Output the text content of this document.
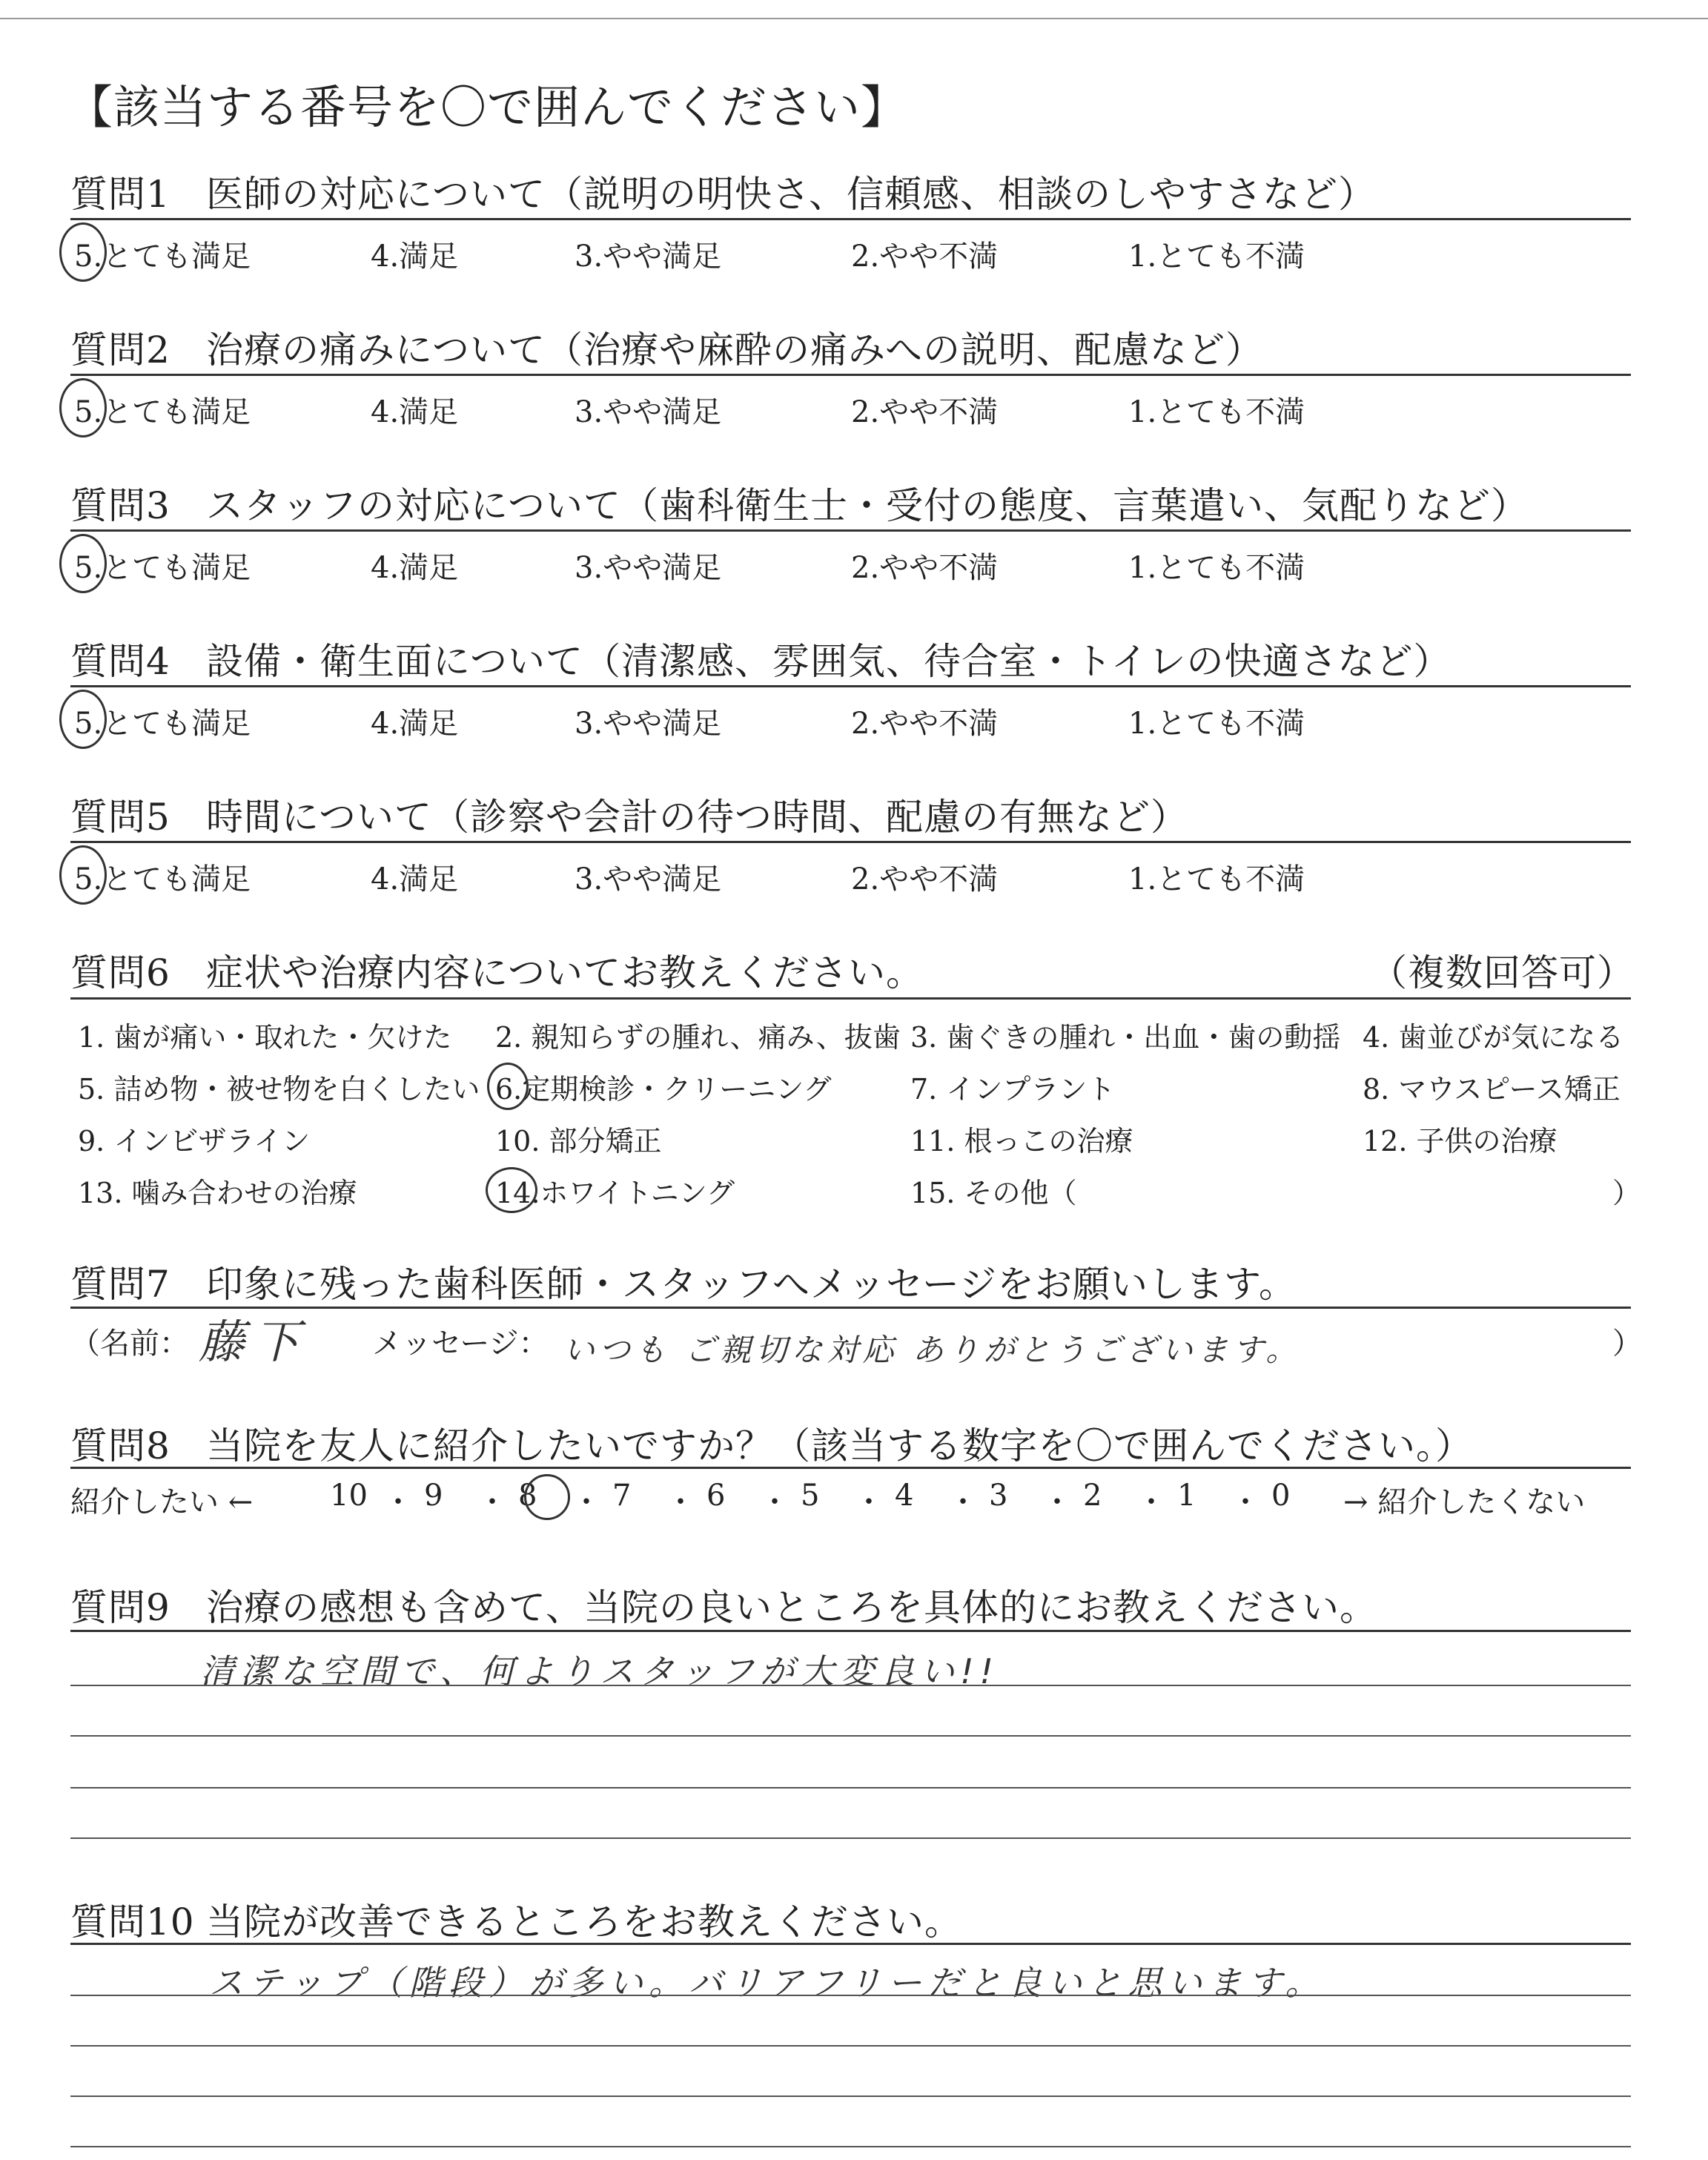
【該当する番号を〇で囲んでください】
質問1 医師の対応について（説明の明快さ、信頼感、相談のしやすさなど）
5.とても満足	4.満足	3.やや満足	2.やや不満	1.とても不満
質問2 治療の痛みについて（治療や麻酔の痛みへの説明、配慮など）
5.とても満足	4.満足	3.やや満足	2.やや不満	1.とても不満
質問3 スタッフの対応について（歯科衛生士・受付の態度、言葉遣い、気配りなど）
5.とても満足	4.満足	3.やや満足	2.やや不満	1.とても不満
質問4 設備・衛生面について（清潔感、雰囲気、待合室・トイレの快適さなど）
5.とても満足	4.満足	3.やや満足	2.やや不満	1.とても不満
質問5 時間について（診察や会計の待つ時間、配慮の有無など）
5.とても満足	4.満足	3.やや満足	2.やや不満	1.とても不満
質問6 症状や治療内容についてお教えください。	（複数回答可）
1. 歯が痛い・取れた・欠けた 2. 親知らずの腫れ、痛み、抜歯 3. 歯ぐきの腫れ・出血・歯の動揺 4. 歯並びが気になる
5. 詰め物・被せ物を白くしたい 6.定期検診・クリーニング	7. インプラント	8. マウスピース矯正
9. インビザライン	10. 部分矯正	11. 根っこの治療	12. 子供の治療
13. 噛み合わせの治療	14.ホワイトニング	15. その他（	）
質問7 印象に残った歯科医師・スタッフへメッセージをお願いします。
（名前： 藤下 メッセージ： いつも ご親切な対応 ありがとうございます。	）
質問8 当院を友人に紹介したいですか？（該当する数字を〇で囲んでください。）
紹介したい ←	→ 紹介したくない
10 ・ 9 ・ 8 ・ 7 ・ 6 ・ 5 ・ 4 ・ 3 ・ 2 ・ 1 ・ 0
質問9 治療の感想も含めて、当院の良いところを具体的にお教えください。
清潔な空間で、何よりスタッフが大変良い!!
質問10 当院が改善できるところをお教えください。
ステップ（階段）が多い。バリアフリーだと良いと思います。
